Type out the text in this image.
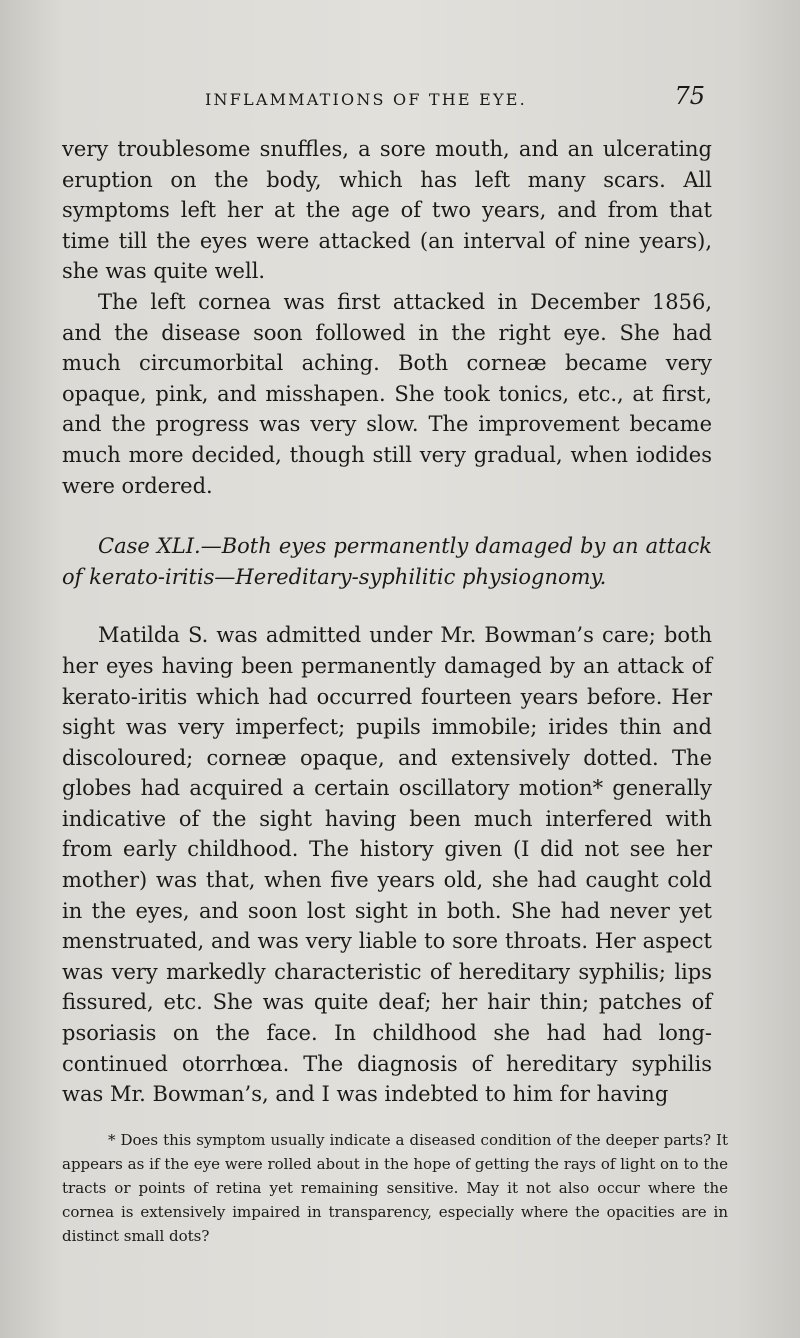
INFLAMMATIONS OF THE EYE.	75

very troublesome snuffles, a sore mouth, and an ulcerating eruption on the body, which has left many scars. All symptoms left her at the age of two years, and from that time till the eyes were attacked (an interval of nine years), she was quite well.

The left cornea was first attacked in December 1856, and the disease soon followed in the right eye. She had much circumorbital aching. Both corneæ became very opaque, pink, and misshapen. She took tonics, etc., at first, and the progress was very slow. The improvement became much more decided, though still very gradual, when iodides were ordered.

Case XLI.—Both eyes permanently damaged by an attack of kerato-iritis—Hereditary-syphilitic physiognomy.

Matilda S. was admitted under Mr. Bowman’s care; both her eyes having been permanently damaged by an attack of kerato-iritis which had occurred fourteen years before. Her sight was very imperfect; pupils immobile; irides thin and discoloured; corneæ opaque, and extensively dotted. The globes had acquired a certain oscillatory motion* generally indicative of the sight having been much interfered with from early childhood. The history given (I did not see her mother) was that, when five years old, she had caught cold in the eyes, and soon lost sight in both. She had never yet menstruated, and was very liable to sore throats. Her aspect was very markedly characteristic of hereditary syphilis; lips fissured, etc. She was quite deaf; her hair thin; patches of psoriasis on the face. In childhood she had had long-continued otorrhœa. The diagnosis of hereditary syphilis was Mr. Bowman’s, and I was indebted to him for having

* Does this symptom usually indicate a diseased condition of the deeper parts? It appears as if the eye were rolled about in the hope of getting the rays of light on to the tracts or points of retina yet remaining sensitive. May it not also occur where the cornea is extensively impaired in transparency, especially where the opacities are in distinct small dots?
